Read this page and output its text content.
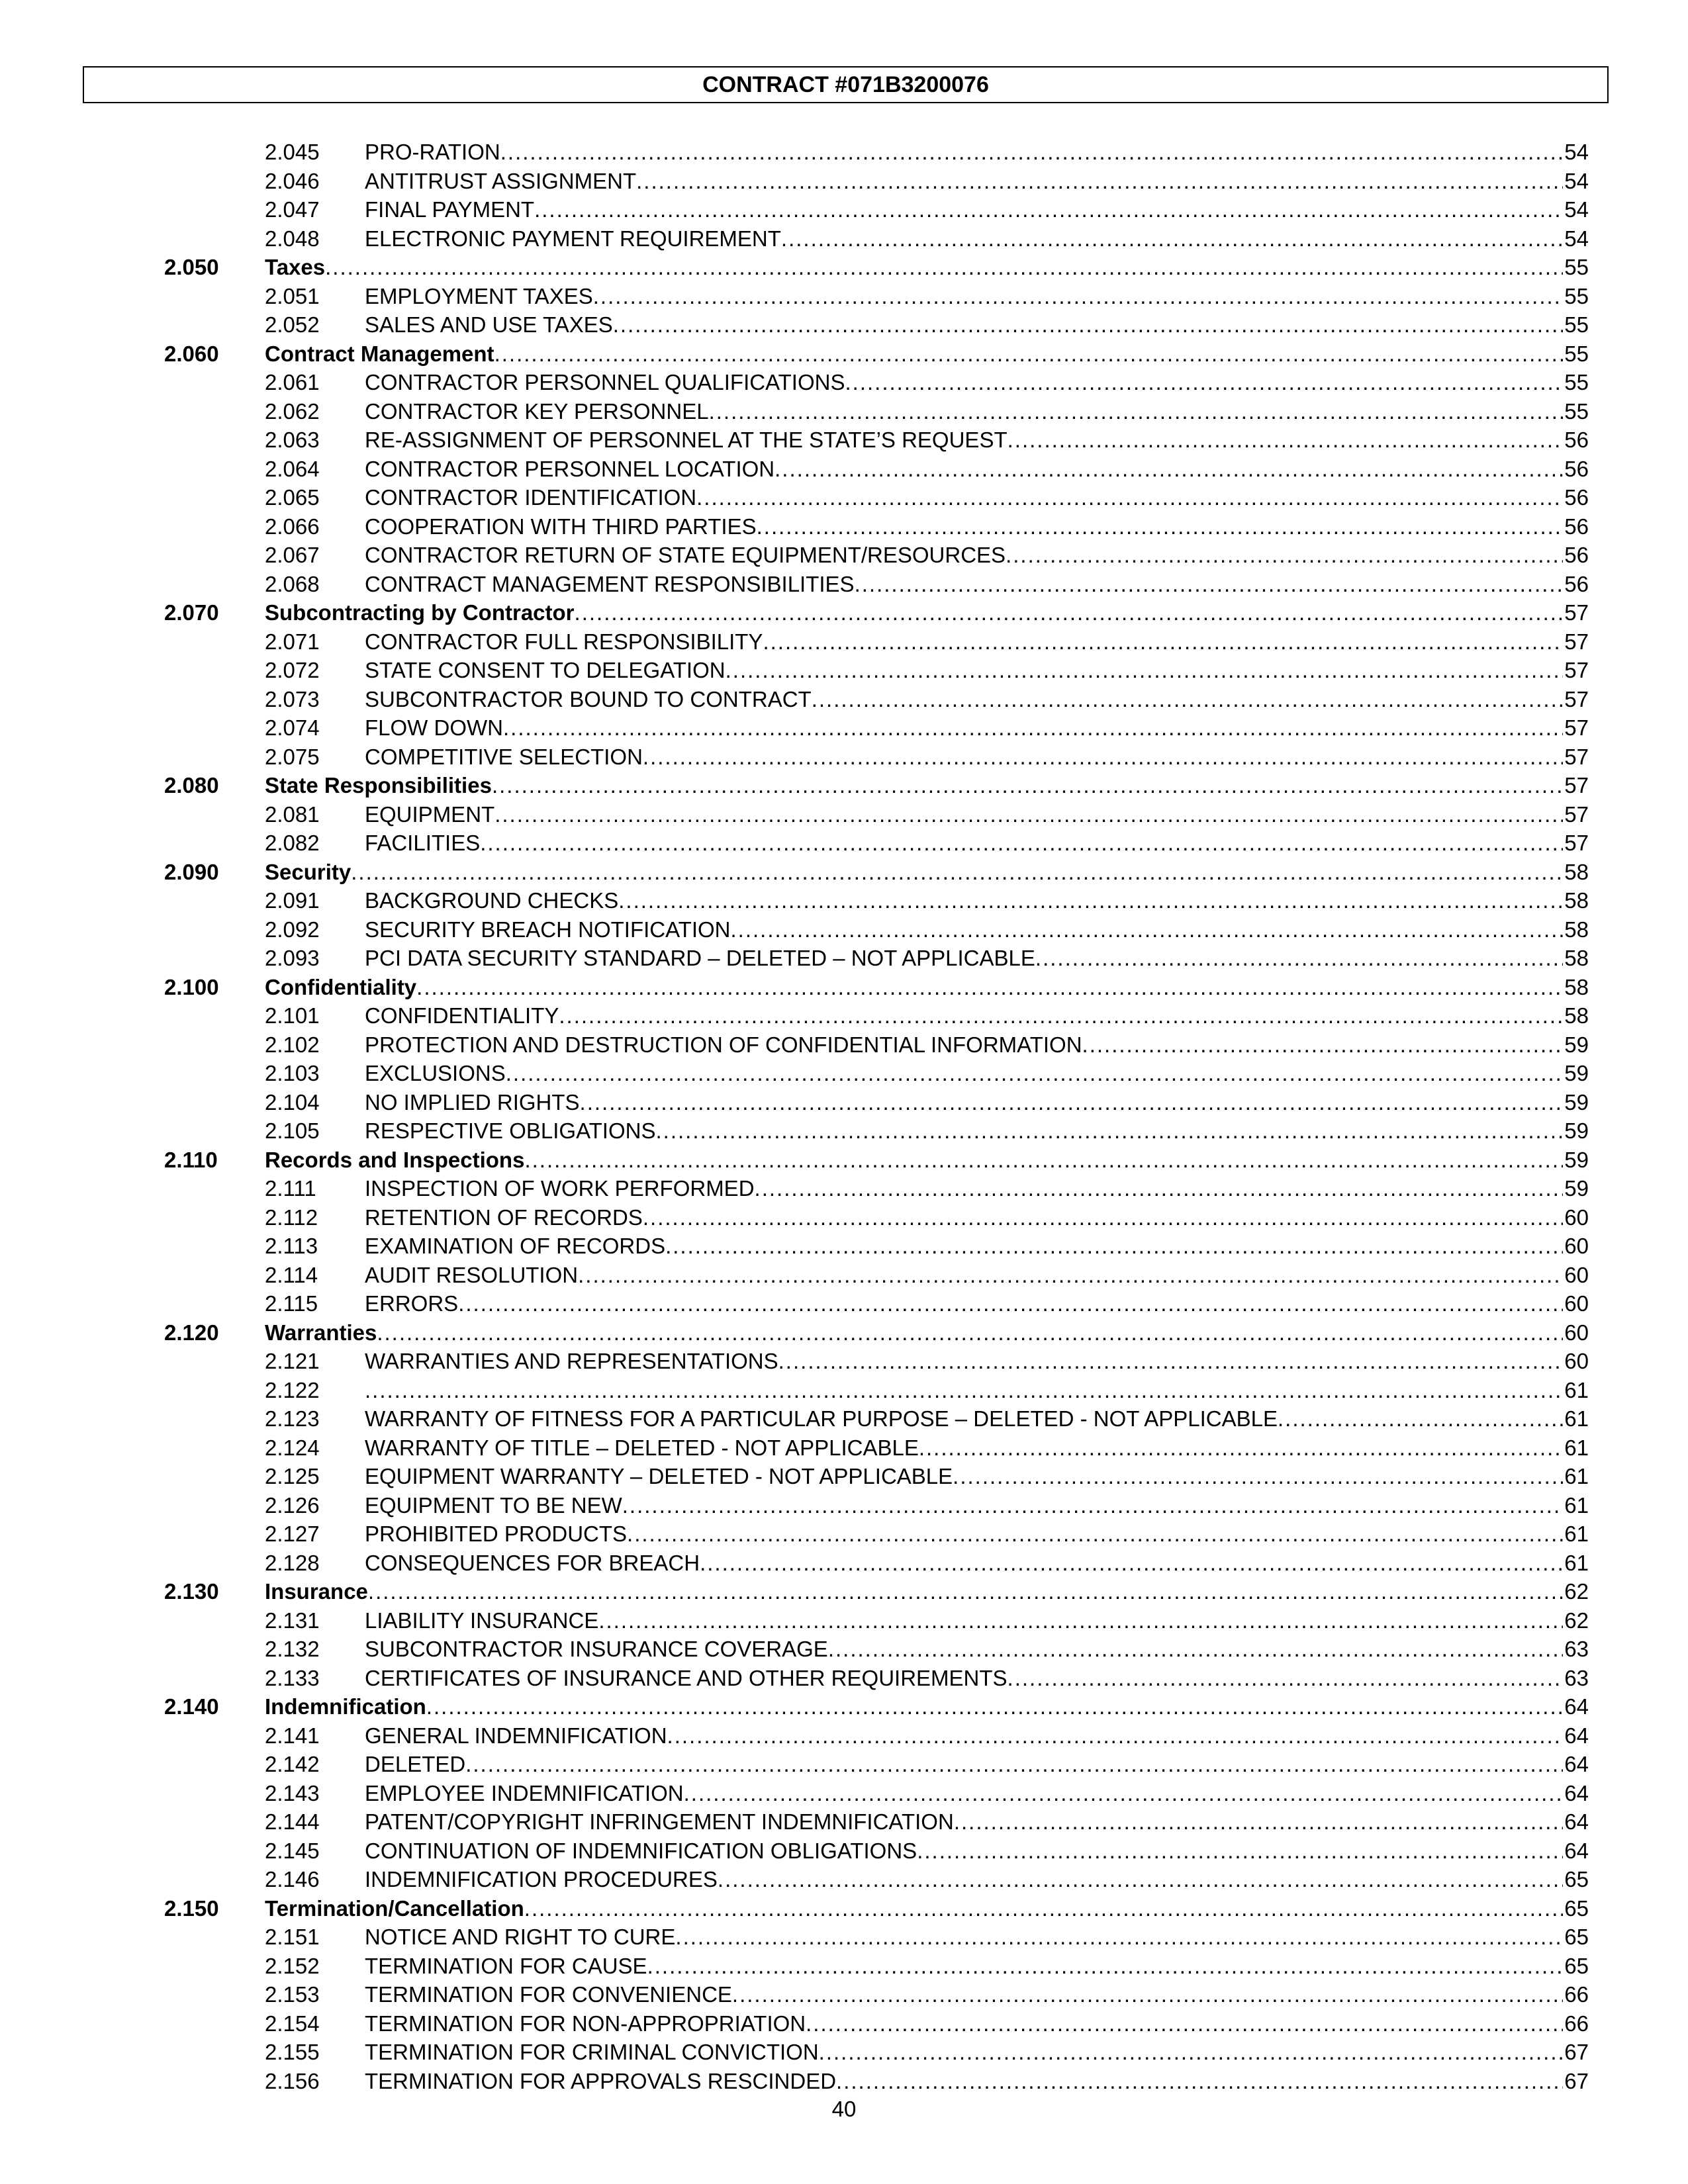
CONTRACT #071B3200076
2.045 PRO-RATION .....	54
2.046 ANTITRUST ASSIGNMENT .....	54
2.047 FINAL PAYMENT .....	54
2.048 ELECTRONIC PAYMENT REQUIREMENT .....	54
2.050 Taxes .....	55
2.051 EMPLOYMENT TAXES .....	55
2.052 SALES AND USE TAXES .....	55
2.060 Contract Management .....	55
2.061 CONTRACTOR PERSONNEL QUALIFICATIONS .....	55
2.062 CONTRACTOR KEY PERSONNEL .....	55
2.063 RE-ASSIGNMENT OF PERSONNEL AT THE STATE’S REQUEST .....	56
2.064 CONTRACTOR PERSONNEL LOCATION .....	56
2.065 CONTRACTOR IDENTIFICATION .....	56
2.066 COOPERATION WITH THIRD PARTIES .....	56
2.067 CONTRACTOR RETURN OF STATE EQUIPMENT/RESOURCES .....	56
2.068 CONTRACT MANAGEMENT RESPONSIBILITIES .....	56
2.070 Subcontracting by Contractor .....	57
2.071 CONTRACTOR FULL RESPONSIBILITY .....	57
2.072 STATE CONSENT TO DELEGATION .....	57
2.073 SUBCONTRACTOR BOUND TO CONTRACT .....	57
2.074 FLOW DOWN .....	57
2.075 COMPETITIVE SELECTION .....	57
2.080 State Responsibilities .....	57
2.081 EQUIPMENT .....	57
2.082 FACILITIES .....	57
2.090 Security .....	58
2.091 BACKGROUND CHECKS .....	58
2.092 SECURITY BREACH NOTIFICATION .....	58
2.093 PCI DATA SECURITY STANDARD – DELETED – NOT APPLICABLE .....	58
2.100 Confidentiality .....	58
2.101 CONFIDENTIALITY .....	58
2.102 PROTECTION AND DESTRUCTION OF CONFIDENTIAL INFORMATION .....	59
2.103 EXCLUSIONS .....	59
2.104 NO IMPLIED RIGHTS .....	59
2.105 RESPECTIVE OBLIGATIONS .....	59
2.110 Records and Inspections .....	59
2.111 INSPECTION OF WORK PERFORMED .....	59
2.112 RETENTION OF RECORDS .....	60
2.113 EXAMINATION OF RECORDS .....	60
2.114 AUDIT RESOLUTION .....	60
2.115 ERRORS .....	60
2.120 Warranties .....	60
2.121 WARRANTIES AND REPRESENTATIONS .....	60
2.122 .....	61
2.123 WARRANTY OF FITNESS FOR A PARTICULAR PURPOSE – DELETED - NOT APPLICABLE .....	61
2.124 WARRANTY OF TITLE – DELETED - NOT APPLICABLE .....	61
2.125 EQUIPMENT WARRANTY – DELETED - NOT APPLICABLE .....	61
2.126 EQUIPMENT TO BE NEW .....	61
2.127 PROHIBITED PRODUCTS .....	61
2.128 CONSEQUENCES FOR BREACH .....	61
2.130 Insurance .....	62
2.131 LIABILITY INSURANCE .....	62
2.132 SUBCONTRACTOR INSURANCE COVERAGE .....	63
2.133 CERTIFICATES OF INSURANCE AND OTHER REQUIREMENTS .....	63
2.140 Indemnification .....	64
2.141 GENERAL INDEMNIFICATION .....	64
2.142 DELETED .....	64
2.143 EMPLOYEE INDEMNIFICATION .....	64
2.144 PATENT/COPYRIGHT INFRINGEMENT INDEMNIFICATION .....	64
2.145 CONTINUATION OF INDEMNIFICATION OBLIGATIONS .....	64
2.146 INDEMNIFICATION PROCEDURES .....	65
2.150 Termination/Cancellation .....	65
2.151 NOTICE AND RIGHT TO CURE .....	65
2.152 TERMINATION FOR CAUSE .....	65
2.153 TERMINATION FOR CONVENIENCE .....	66
2.154 TERMINATION FOR NON-APPROPRIATION .....	66
2.155 TERMINATION FOR CRIMINAL CONVICTION .....	67
2.156 TERMINATION FOR APPROVALS RESCINDED .....	67
40
